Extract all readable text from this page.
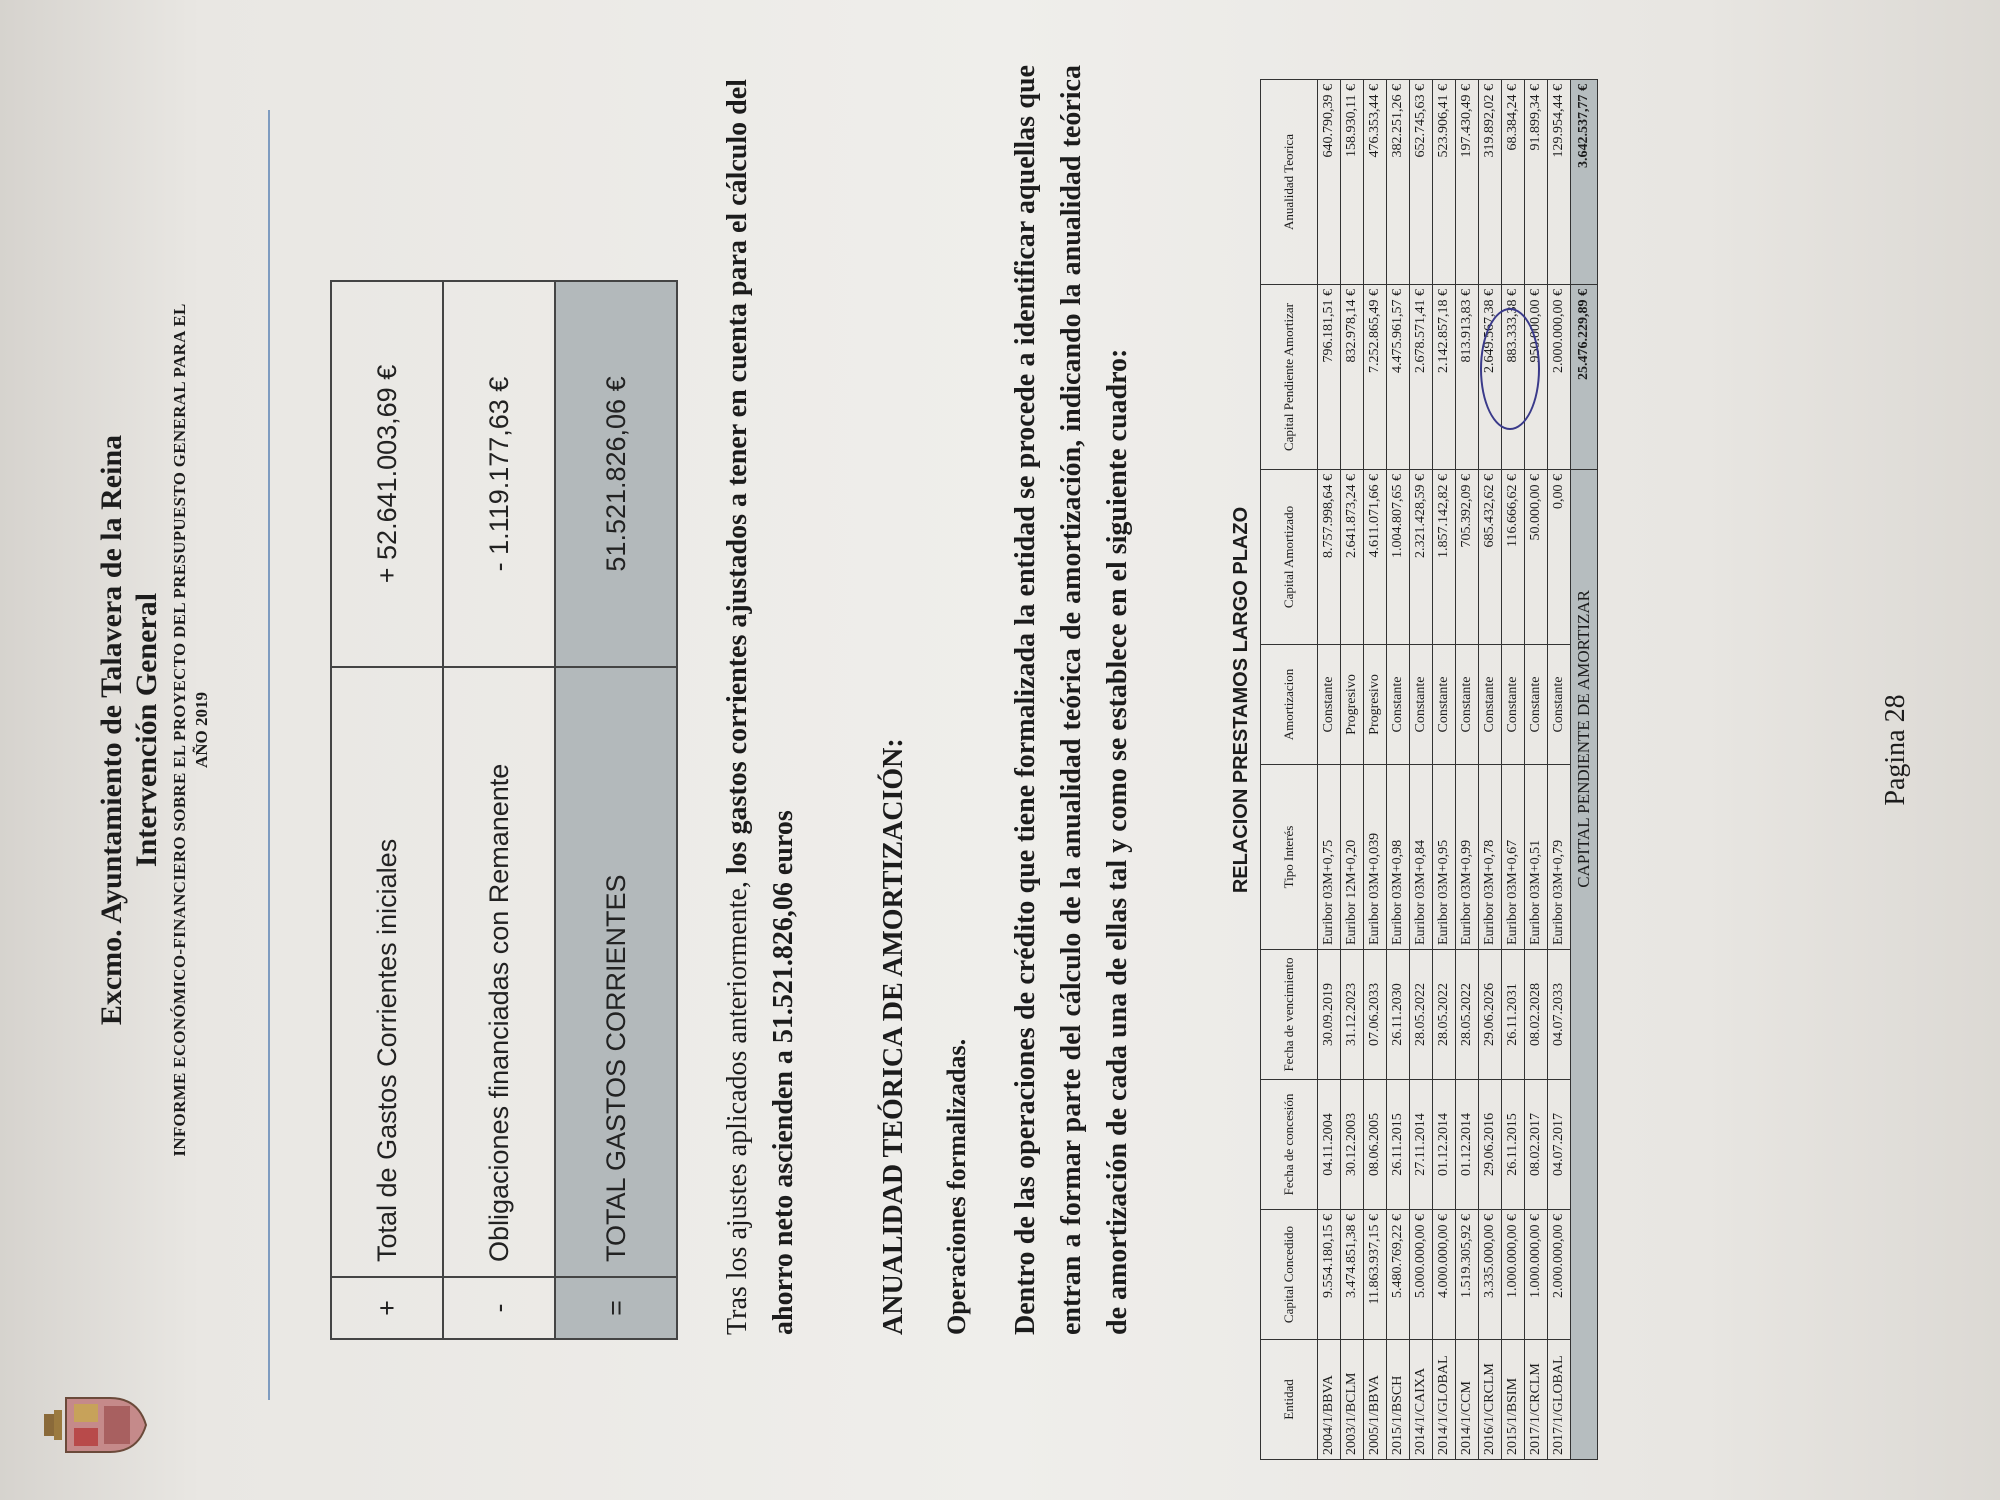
Excmo. Ayuntamiento de Talavera de la Reina Intervención General INFORME ECONÓMICO-FINANCIERO SOBRE EL PROYECTO DEL PRESUPUESTO GENERAL PARA EL AÑO 2019
+	Total de Gastos Corrientes iniciales	+ 52.641.003,69 €
-	Obligaciones financiadas con Remanente	- 1.119.177,63 €
=	TOTAL GASTOS CORRIENTES	51.521.826,06 €
Tras los ajustes aplicados anteriormente, los gastos corrientes ajustados a tener en cuenta para el cálculo del ahorro neto ascienden a 51.521.826,06 euros	ANUALIDAD TEÓRICA DE AMORTIZACIÓN: Operaciones formalizadas. Dentro de las operaciones de crédito que tiene formalizada la entidad se procede a identificar aquellas que entran a formar parte del cálculo de la anualidad teórica de amortización, indicando la anualidad teórica de amortización de cada una de ellas tal y como se establece en el siguiente cuadro:	RELACION PRESTAMOS LARGO PLAZO
Entidad	Capital Concedido	Fecha de concesión	Fecha de vencimiento	Tipo Interés	Amortizacion	Capital Amortizado	Capital Pendiente Amortizar	Anualidad Teorica
2004/1/BBVA	9.554.180,15 €	04.11.2004	30.09.2019	Euribor 03M+0,75	Constante	8.757.998,64 €	796.181,51 €	640.790,39 €
2003/1/BCLM	3.474.851,38 €	30.12.2003	31.12.2023	Euribor 12M+0,20	Progresivo	2.641.873,24 €	832.978,14 €	158.930,11 €
2005/1/BBVA	11.863.937,15 €	08.06.2005	07.06.2033	Euribor 03M+0,039	Progresivo	4.611.071,66 €	7.252.865,49 €	476.353,44 €
2015/1/BSCH	5.480.769,22 €	26.11.2015	26.11.2030	Euribor 03M+0,98	Constante	1.004.807,65 €	4.475.961,57 €	382.251,26 €
2014/1/CAIXA	5.000.000,00 €	27.11.2014	28.05.2022	Euribor 03M+0,84	Constante	2.321.428,59 €	2.678.571,41 €	652.745,63 €
2014/1/GLOBAL	4.000.000,00 €	01.12.2014	28.05.2022	Euribor 03M+0,95	Constante	1.857.142,82 €	2.142.857,18 €	523.906,41 €
2014/1/CCM	1.519.305,92 €	01.12.2014	28.05.2022	Euribor 03M+0,99	Constante	705.392,09 €	813.913,83 €	197.430,49 €
2016/1/CRCLM	3.335.000,00 €	29.06.2016	29.06.2026	Euribor 03M+0,78	Constante	685.432,62 €	2.649.567,38 €	319.892,02 €
2015/1/BSIM	1.000.000,00 €	26.11.2015	26.11.2031	Euribor 03M+0,67	Constante	116.666,62 €	883.333,38 €	68.384,24 €
2017/1/CRCLM	1.000.000,00 €	08.02.2017	08.02.2028	Euribor 03M+0,51	Constante	50.000,00 €	950.000,00 €	91.899,34 €
2017/1/GLOBAL	2.000.000,00 €	04.07.2017	04.07.2033	Euribor 03M+0,79	Constante	0,00 €	2.000.000,00 €	129.954,44 €
CAPITAL PENDIENTE DE AMORTIZAR							25.476.229,89 €	3.642.537,77 €
Pagina 28
